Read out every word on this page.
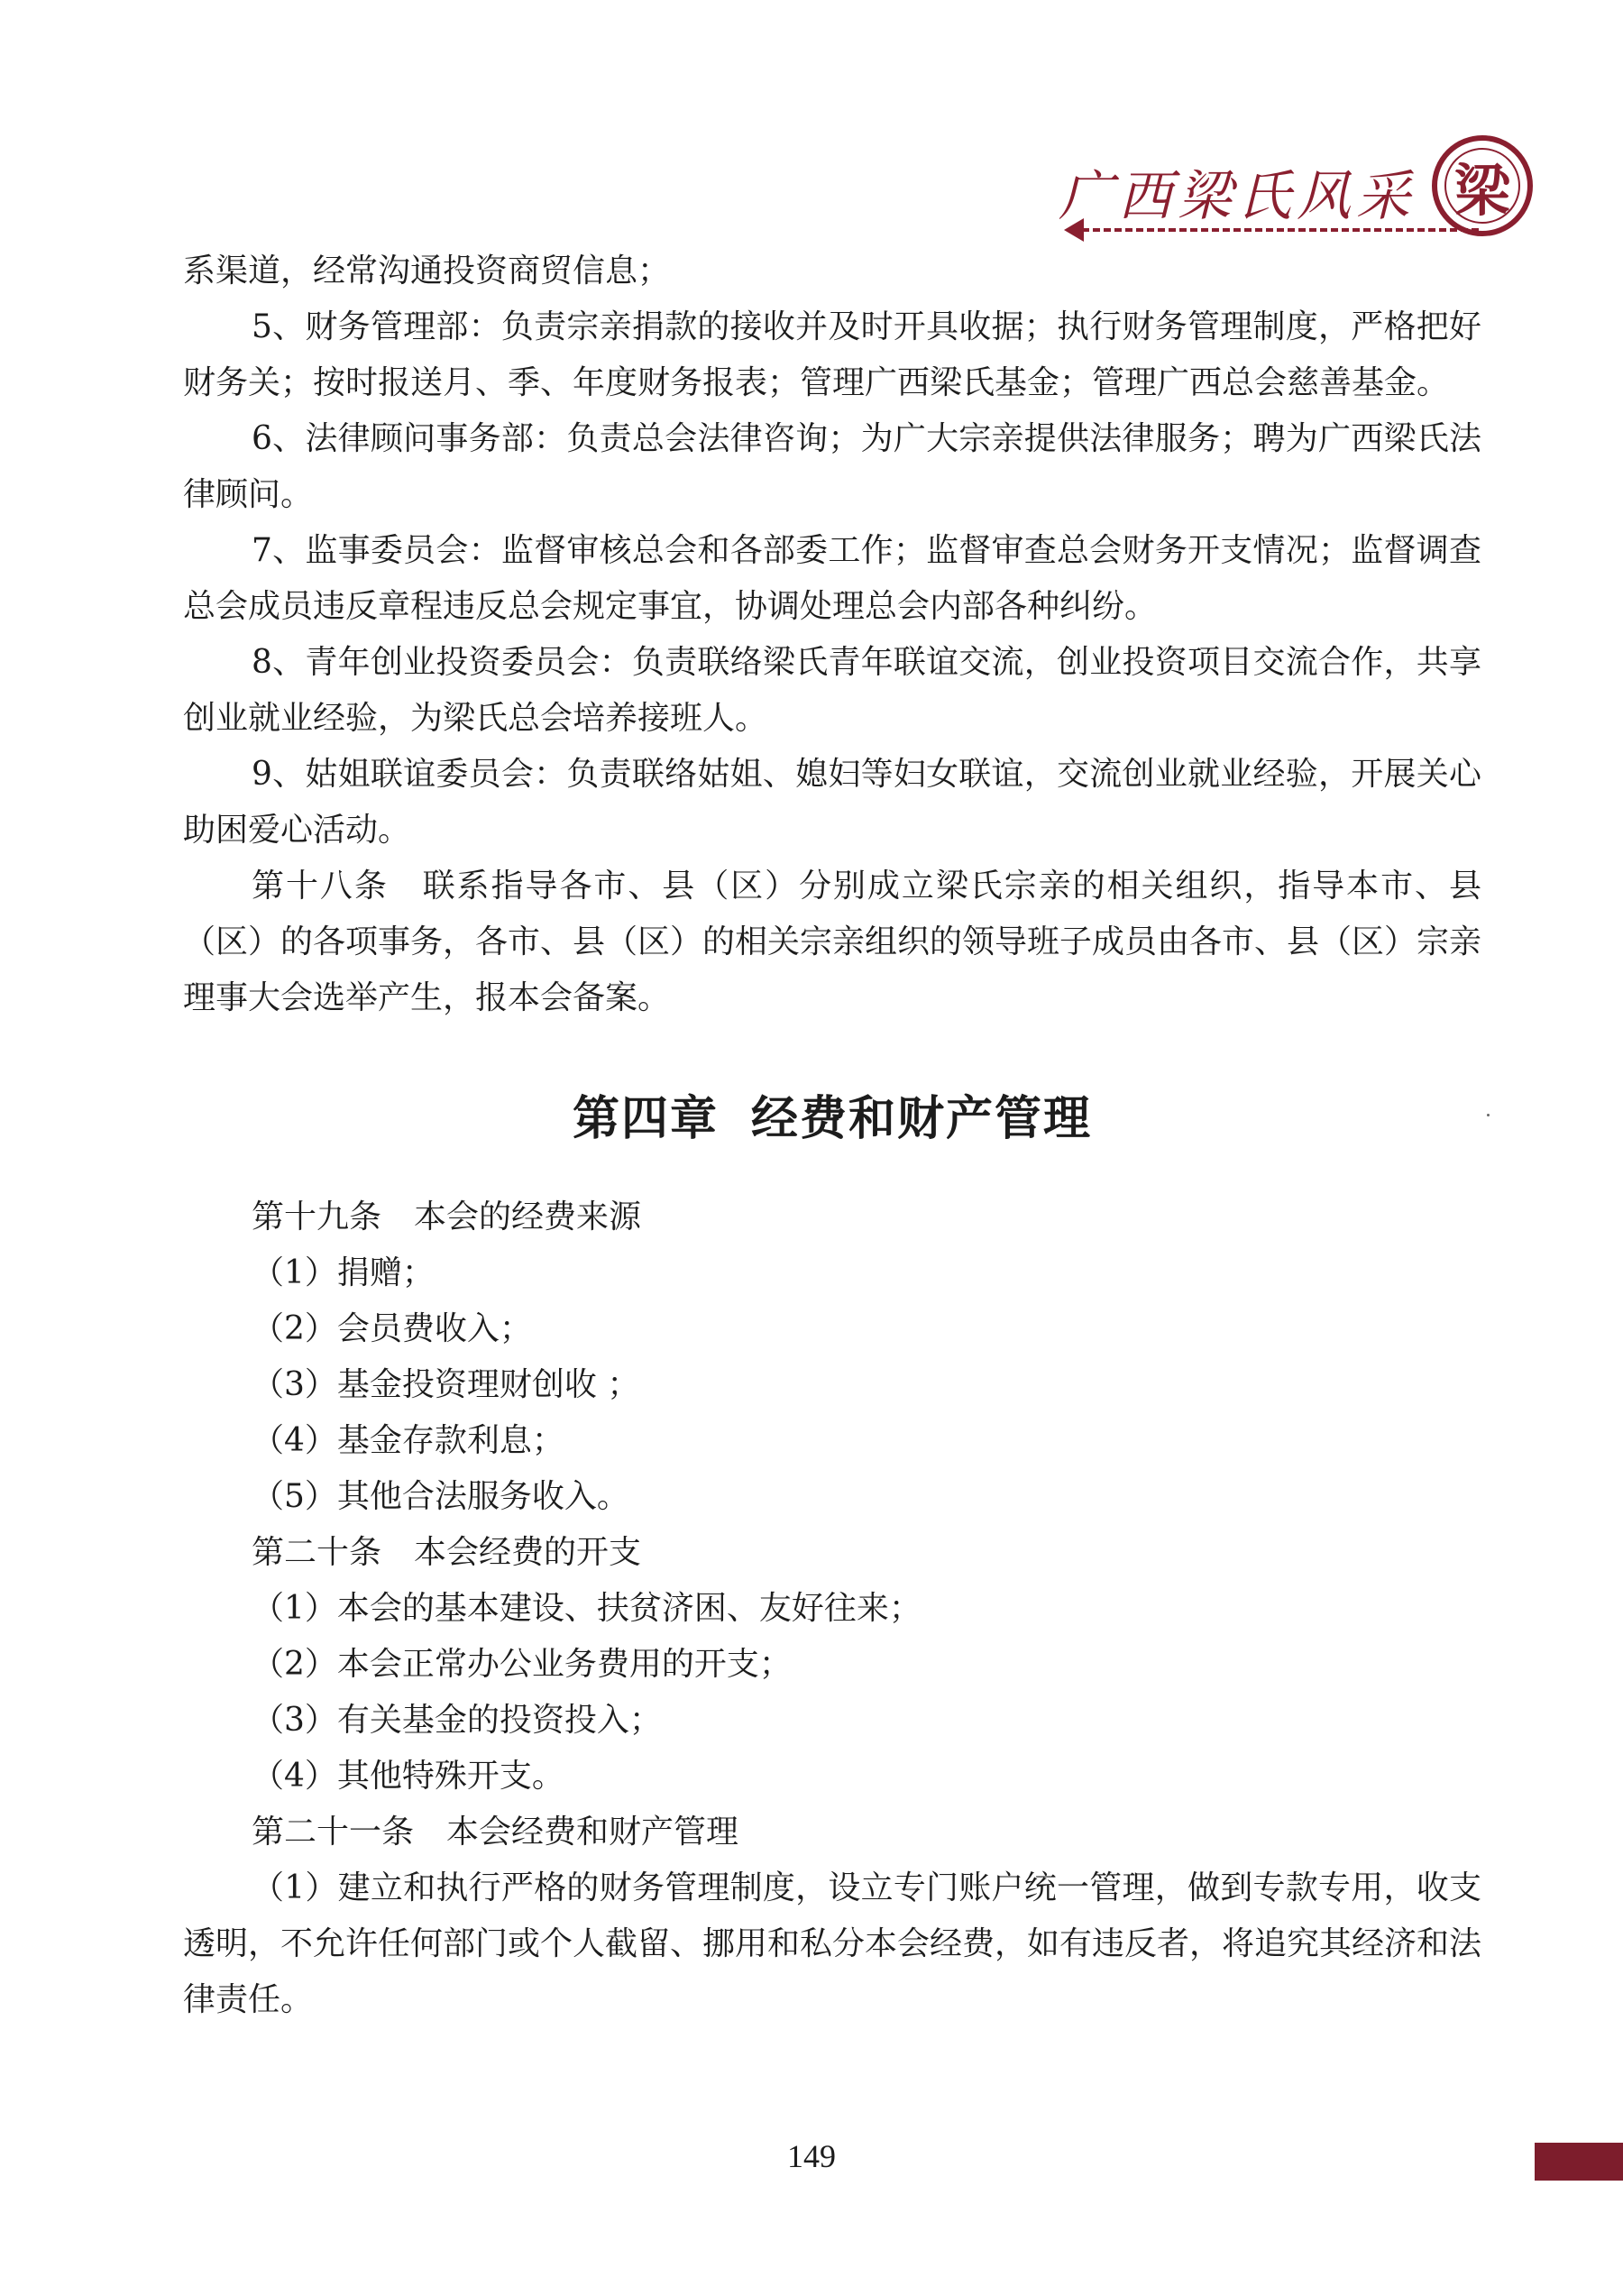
广西梁氏风采 梁

系渠道，经常沟通投资商贸信息；

5、财务管理部：负责宗亲捐款的接收并及时开具收据；执行财务管理制度，严格把好财务关；按时报送月、季、年度财务报表；管理广西梁氏基金；管理广西总会慈善基金。

6、法律顾问事务部：负责总会法律咨询；为广大宗亲提供法律服务；聘为广西梁氏法律顾问。

7、监事委员会：监督审核总会和各部委工作；监督审查总会财务开支情况；监督调查总会成员违反章程违反总会规定事宜，协调处理总会内部各种纠纷。

8、青年创业投资委员会：负责联络梁氏青年联谊交流，创业投资项目交流合作，共享创业就业经验，为梁氏总会培养接班人。

9、姑姐联谊委员会：负责联络姑姐、媳妇等妇女联谊，交流创业就业经验，开展关心助困爱心活动。

第十八条　联系指导各市、县（区）分别成立梁氏宗亲的相关组织，指导本市、县（区）的各项事务，各市、县（区）的相关宗亲组织的领导班子成员由各市、县（区）宗亲理事大会选举产生，报本会备案。

第四章 经费和财产管理

第十九条　本会的经费来源

（1）捐赠；

（2）会员费收入；

（3）基金投资理财创收 ；

（4）基金存款利息；

（5）其他合法服务收入。

第二十条　本会经费的开支

（1）本会的基本建设、扶贫济困、友好往来；

（2）本会正常办公业务费用的开支；

（3）有关基金的投资投入；

（4）其他特殊开支。

第二十一条　本会经费和财产管理

（1）建立和执行严格的财务管理制度，设立专门账户统一管理，做到专款专用，收支透明，不允许任何部门或个人截留、挪用和私分本会经费，如有违反者，将追究其经济和法律责任。

149
